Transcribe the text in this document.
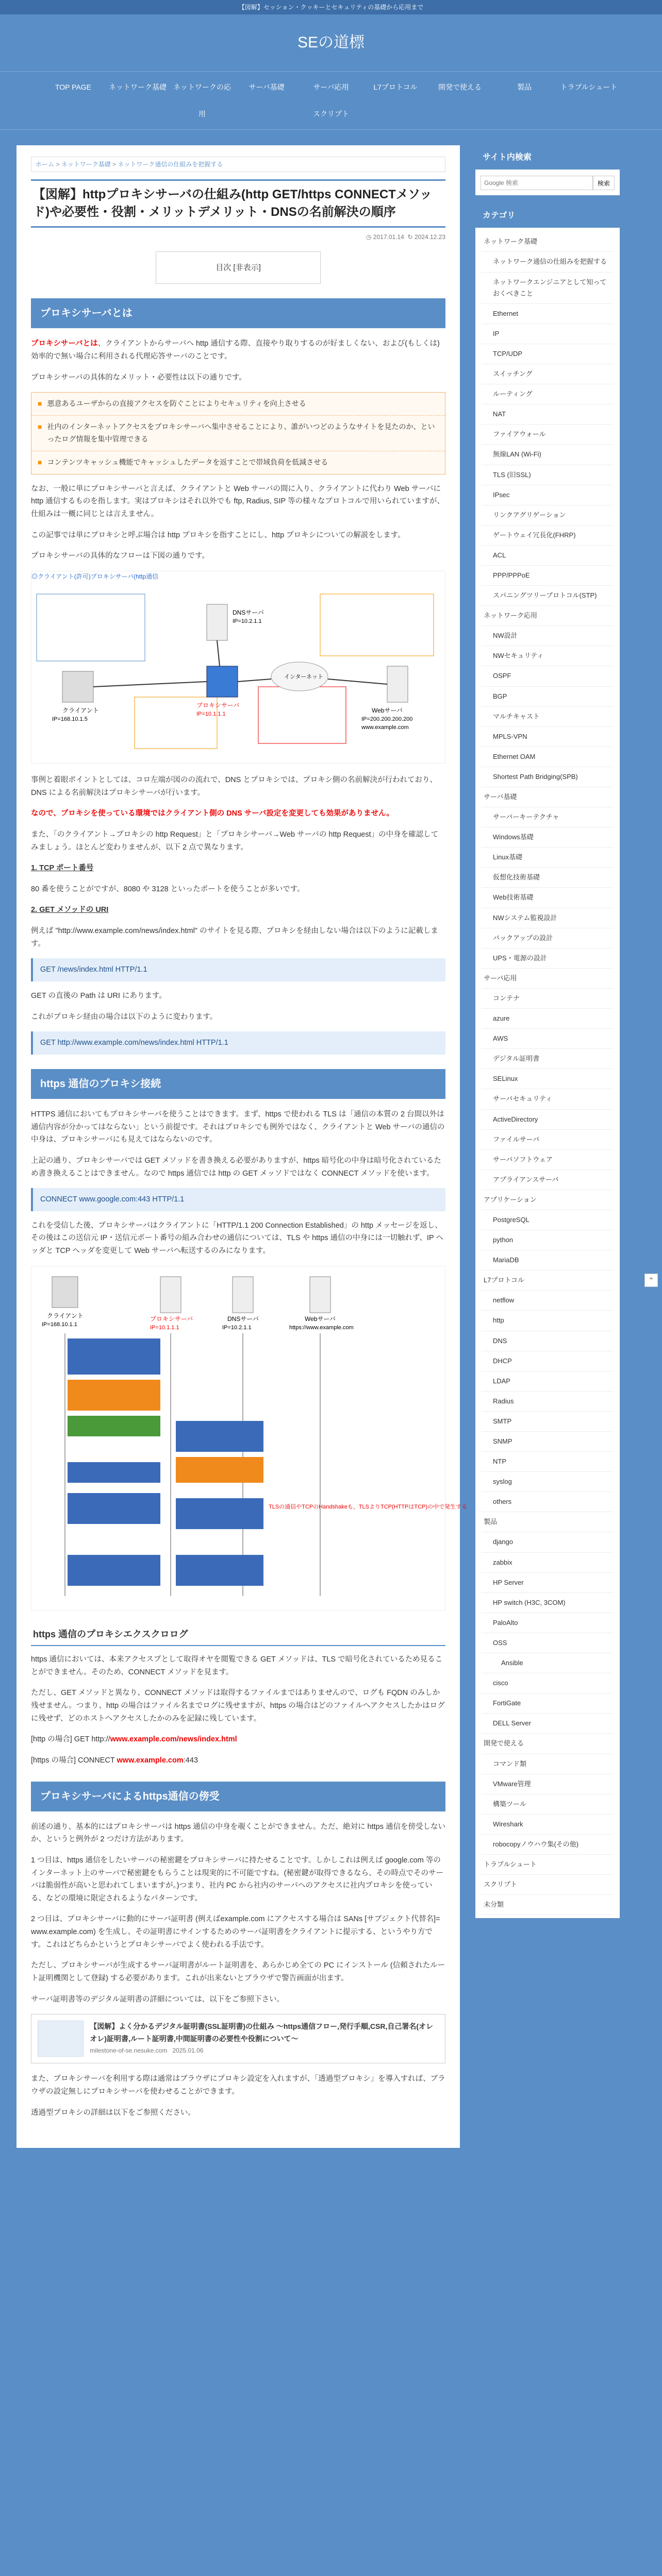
【図解】セッション・クッキーとセキュリティの基礎から応用まで
SEの道標
TOP PAGE	ネットワーク基礎 ネットワークの応用
サーバ基礎	サーバ応用	L7プロトコル	開発で使える	製品	トラブルシュート
スクリプト
ホーム > ネットワーク基礎 > ネットワーク通信の仕組みを把握する
【図解】httpプロキシサーバの仕組み(http GET/https CONNECTメソッド)や必要性・役割・メリットデメリット・DNSの名前解決の順序
◷ 2017.01.14 ↻ 2024.12.23
目次 [非表示]
プロキシサーバとは

プロキシサーバとは、クライアントからサーバへ http 通信する際、直接やり取りするのが好ましくない、および(もしくは)効率的で無い場合に利用される代理応答サーバのことです。

プロキシサーバの具体的なメリット・必要性は以下の通りです。

■ 悪意あるユーザからの直接アクセスを防ぐことによりセキュリティを向上させる
■ 社内のインターネットアクセスをプロキシサーバへ集中させることにより、誰がいつどのようなサイトを見たのか、といったログ情報を集中管理できる
■ コンテンツキャッシュ機能でキャッシュしたデータを返すことで帯域負荷を低減させる

なお、一般に単にプロキシサーバと言えば、クライアントと Web サーバの間に入り、クライアントに代わり Web サーバに http 通信するものを指します。実はプロキシはそれ以外でも ftp, Radius, SIP 等の様々なプロトコルで用いられていますが、仕組みは一概に同じとは言えません。

この記事では単にプロキシと呼ぶ場合は http プロキシを指すことにし、http プロキシについての解説をします。

プロキシサーバの具体的なフローは下図の通りです。

◎クライアント(許可)プロキシサーバ(http通信
クライアント
IP=168.10.1.5
プロキシサーバ
IP=10.1.1.1
DNSサーバ
IP=10.2.1.1
インターネット
Webサーバ
IP=200.200.200.200
www.example.com

事例と着眼ポイントとしては、コロ左端が図のの流れで、DNS とプロキシでは、プロキシ側の名前解決が行われており、DNS による名前解決はプロキシサーバが行います。

なので、プロキシを使っている環境ではクライアント側の DNS サーバ設定を変更しても効果がありません。

また、「のクライアント→プロキシの http Request」と「プロキシサーバ→Web サーバの http Request」の中身を確認してみましょう。ほとんど変わりませんが、以下 2 点で異なります。

1. TCP ポート番号

80 番を使うことがですが、8080 や 3128 といったポートを使うことが多いです。

2. GET メソッドの URI

例えば "http://www.example.com/news/index.html" のサイトを見る際、プロキシを経由しない場合は以下のように記載します。

GET /news/index.html HTTP/1.1

GET の直後の Path は URI にあります。

これがプロキシ経由の場合は以下のように変わります。

GET http://www.example.com/news/index.html HTTP/1.1
https 通信のプロキシ接続

HTTPS 通信においてもプロキシサーバを使うことはできます。まず、https で使われる TLS は「通信の本質の 2 台間以外は通信内容が分かってはならない」という前提です。それはプロキシでも例外ではなく、クライアントと Web サーバの通信の中身は、プロキシサーバにも見えてはならないのです。

上記の通り、プロキシサーバでは GET メソッドを書き換える必要がありますが、https 暗号化の中身は暗号化されているため書き換えることはできません。なので https 通信では http の GET メッソドではなく CONNECT メソッドを使います。

CONNECT www.google.com:443 HTTP/1.1

これを受信した後、プロキシサーバはクライアントに「HTTP/1.1 200 Connection Established」の http メッセージを返し、その後はこの送信元 IP・送信元ポート番号の組み合わせの通信については、TLS や https 通信の中身には一切触れず、IP ヘッダと TCP ヘッダを変更して Web サーバへ転送するのみになります。

クライアント
IP=168.10.1.1
プロキシサーバ
IP=10.1.1.1
DNSサーバ
IP=10.2.1.1
Webサーバ
https://www.example.com
TLSの通信やTCPのHandshakeも、TLSよりTCP(HTTPはTCP)の中で発生する
https 通信のプロキシエクスクロログ

https 通信においては、本来アクセスプとして取得オヤを閲覧できる GET メソッドは、TLS で暗号化されているため見ることができません。そのため、CONNECT メソッドを見ます。

ただし、GET メソッドと異なり、CONNECT メソッドは取得するファイルまではありませんので、ログも FQDN のみしか残せません。つまり、http の場合はファイル名までログに残せますが、https の場合はどのファイルへアクセスしたかはログに残せず、どのホストへアクセスしたかのみを記録に残しています。

[http の場合] GET http://www.example.com/news/index.html

[https の場合] CONNECT www.example.com:443

プロキシサーバによるhttps通信の傍受

前述の通り、基本的にはプロキシサーバは https 通信の中身を覗くことができません。ただ、絶対に https 通信を傍受しないか、というと例外が 2 つだけ方法があります。

1 つ目は、https 通信をしたいサーバの秘密鍵をプロキシサーバに持たせることです。しかしこれは例えば google.com 等のインターネット上のサーバで秘密鍵をもらうことは現実的に不可能ですね。(秘密鍵が取得できるなら、その時点でそのサーバは脆弱性が高いと思われてしまいますが。)つまり、社内 PC から社内のサーバへのアクセスに社内プロキシを使っている、などの環境に限定されるようなパターンです。

2 つ目は、プロキシサーバに動的にサーバ証明書 (例えばexample.com にアクセスする場合は SANs [サブジェクト代替名]= www.example.com) を生成し、その証明書にサインするためのサーバ証明書をクライアントに提示する、というやり方です。これはどちらかというとプロキシサーバでよく使われる手法です。

ただし、プロキシサーバが生成するサーバ証明書がルート証明書を、あらかじめ全ての PC にインストール (信頼されたルート証明機関として登録) する必要があります。これが出来ないとブラウザで警告画面が出ます。

サーバ証明書等のデジタル証明書の詳細については、以下をご参照下さい。

【図解】よく分かるデジタル証明書(SSL証明書)の仕組み 〜https通信フロー,発行手順,CSR,自己署名(オレオレ)証明書,ルート証明書,中間証明書の必要性や役割について〜
milestone-of-se.nesuke.com 2025.01.06

また、プロキシサーバを利用する際は通常はブラウザにプロキシ設定を入れますが、「透過型プロキシ」を導入すれば、ブラウザの設定無しにプロキシサーバを使わせることができます。

透過型プロキシの詳細は以下をご参照ください。

サイト内検索
Google 検索
検索
カテゴリ
ネットワーク基礎
ネットワーク通信の仕組みを把握する
ネットワークエンジニアとして知っておくべきこと
Ethernet
IP
TCP/UDP
スイッチング
ルーティング
NAT
ファイアウォール
無線LAN (Wi-Fi)
TLS (旧SSL)
IPsec
リンクアグリゲーション
ゲートウェイ冗長化(FHRP)
ACL
PPP/PPPoE
スパニングツリープロトコル(STP)
ネットワーク応用
NW設計
NWセキュリティ
OSPF
BGP
マルチキャスト
MPLS-VPN
Ethernet OAM
Shortest Path Bridging(SPB)
サーバ基礎
サーバーキーテクチャ
Windows基礎
Linux基礎
仮想化技術基礎
Web技術基礎
NWシステム監視設計
バックアップの設計
UPS・電源の設計
サーバ応用
コンテナ
azure
AWS
デジタル証明書
SELinux
サーバセキュリティ
ActiveDirectory
ファイルサーバ
サーバソフトウェア
アプライアンスサーバ
アプリケーション
PostgreSQL
python
MariaDB
L7プロトコル
netflow
http
DNS
DHCP
LDAP
Radius
SMTP
SNMP
NTP
syslog
others
製品
django
zabbix
HP Server
HP switch (H3C, 3COM)
PaloAlto
OSS
Ansible
cisco
FortiGate
DELL Server
開発で使える
コマンド類
VMware管理
構築ツール
Wireshark
robocopyノウハウ集(その他)
トラブルシュート
スクリプト
未分類
⌃
